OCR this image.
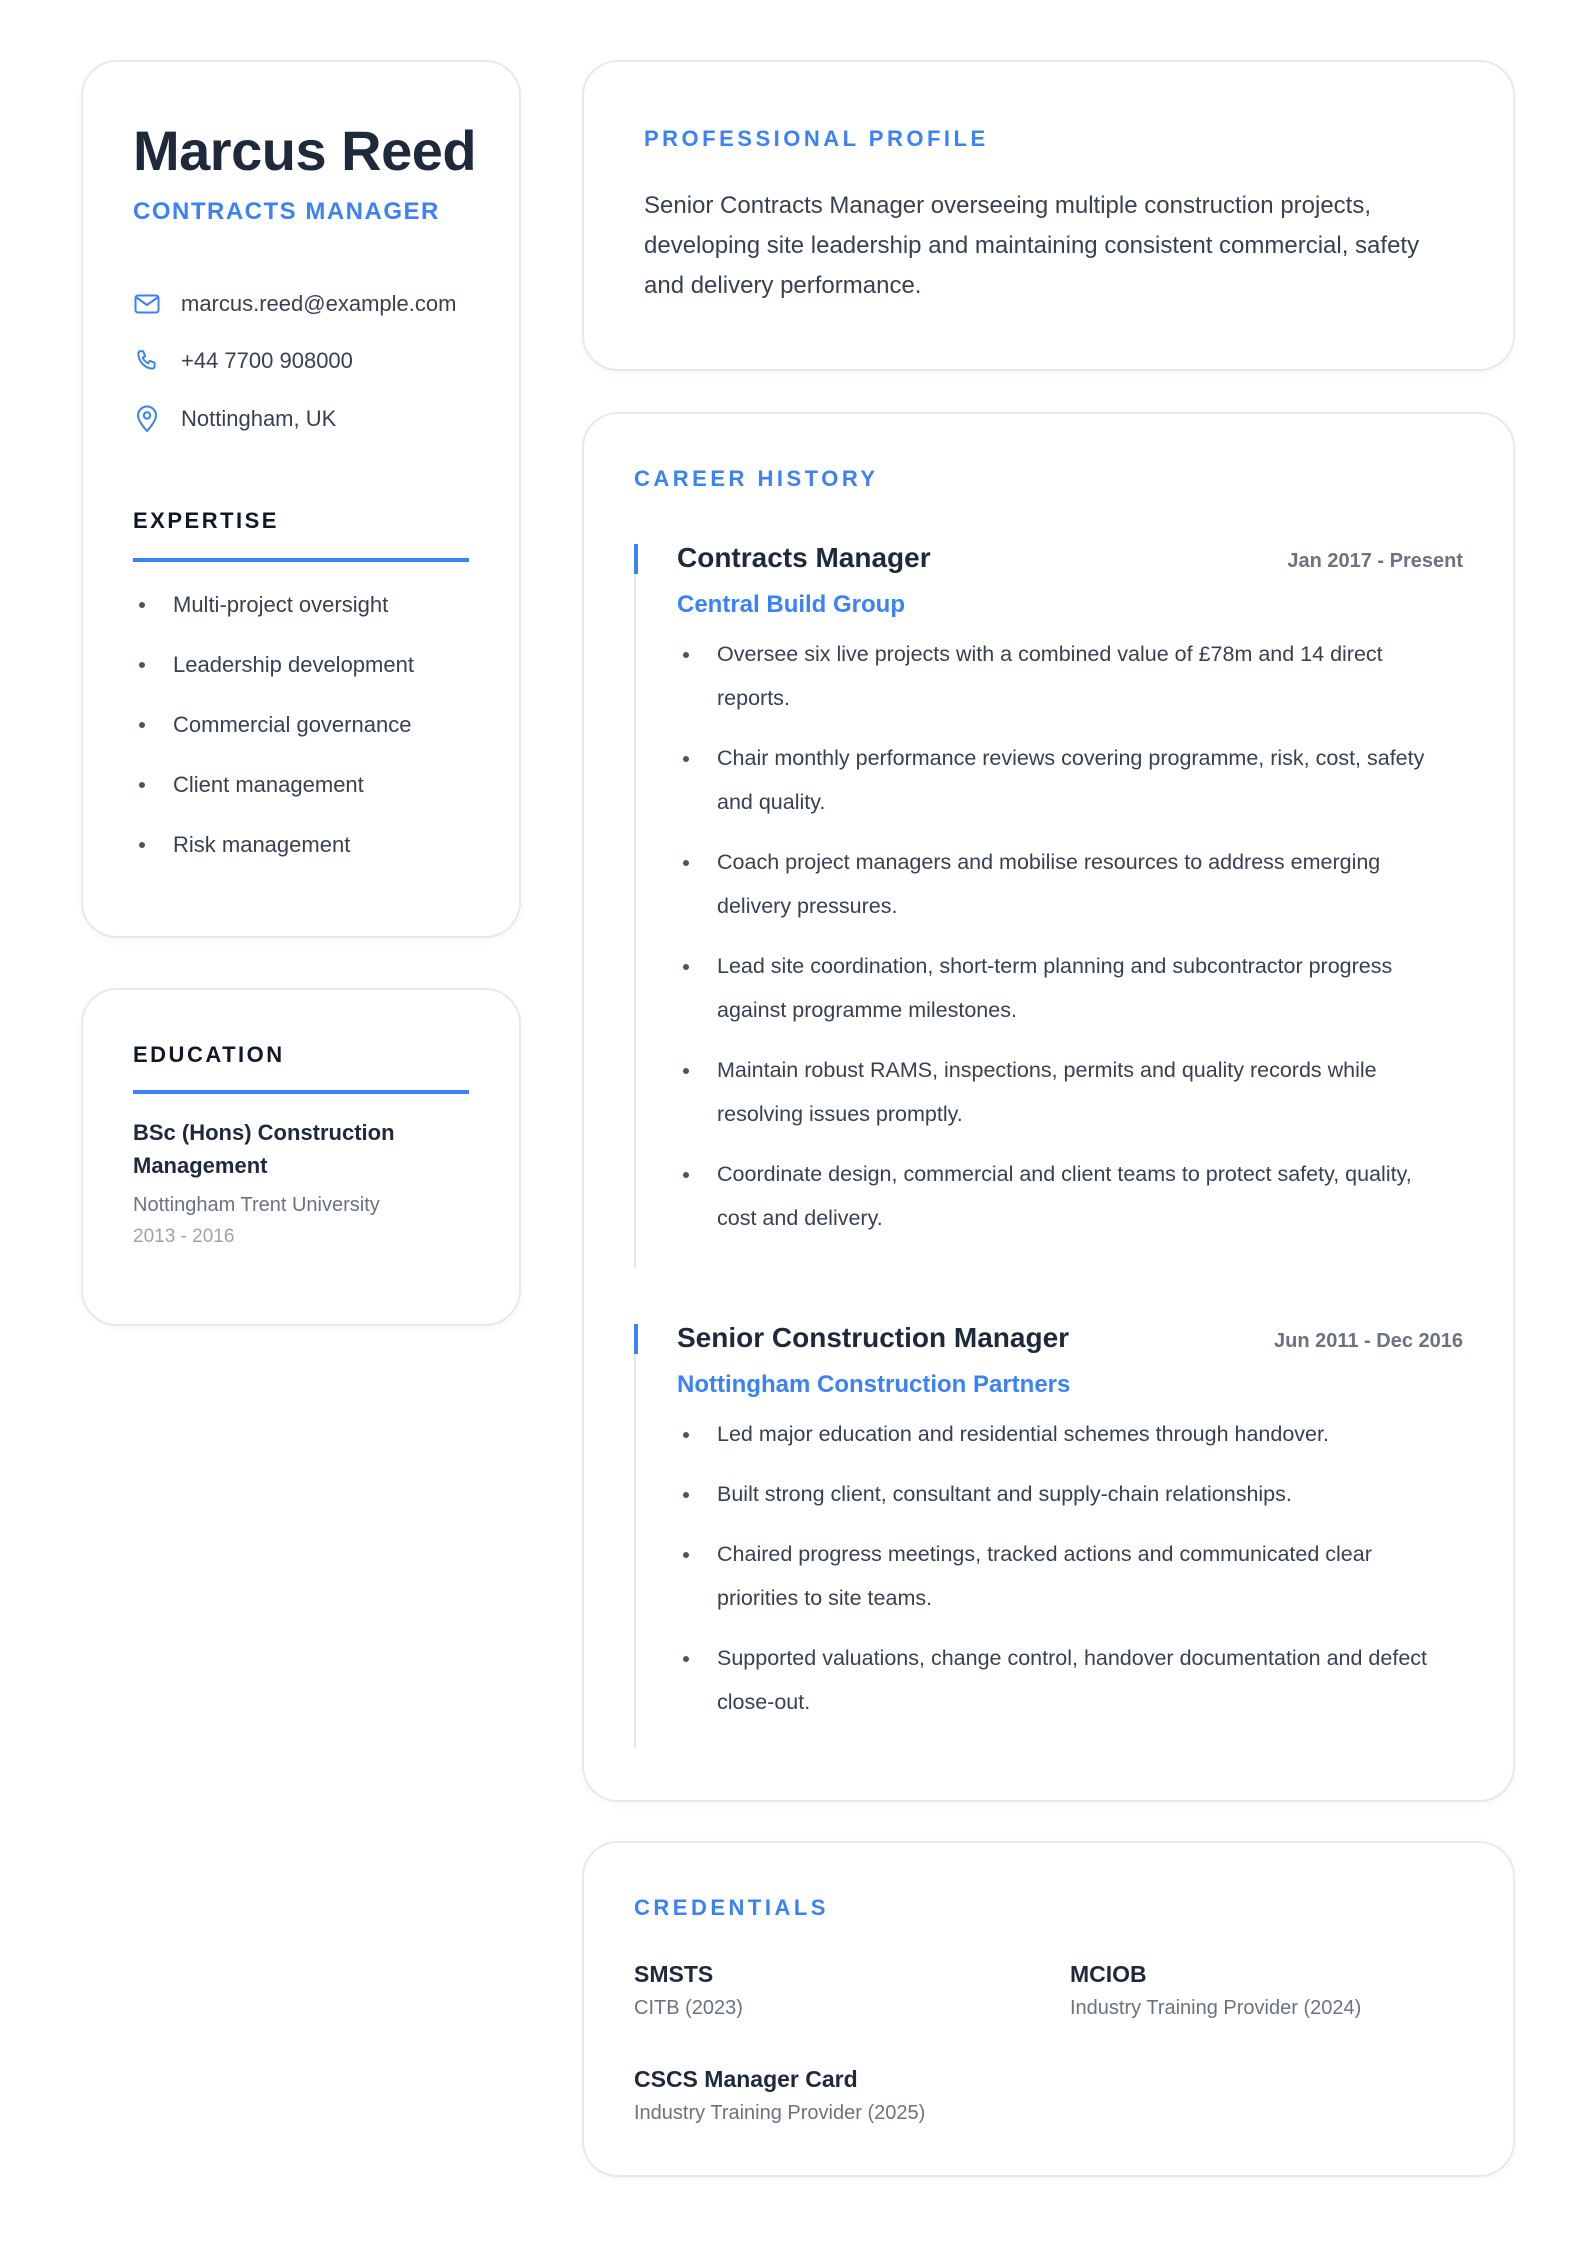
Marcus Reed
CONTRACTS MANAGER
marcus.reed@example.com
+44 7700 908000
Nottingham, UK
EXPERTISE
Multi-project oversight
Leadership development
Commercial governance
Client management
Risk management
EDUCATION
BSc (Hons) Construction Management
Nottingham Trent University
2013 - 2016
PROFESSIONAL PROFILE
Senior Contracts Manager overseeing multiple construction projects, developing site leadership and maintaining consistent commercial, safety and delivery performance.
CAREER HISTORY
Contracts Manager	Jan 2017 - Present
Central Build Group
Oversee six live projects with a combined value of £78m and 14 direct reports.
Chair monthly performance reviews covering programme, risk, cost, safety and quality.
Coach project managers and mobilise resources to address emerging delivery pressures.
Lead site coordination, short-term planning and subcontractor progress against programme milestones.
Maintain robust RAMS, inspections, permits and quality records while resolving issues promptly.
Coordinate design, commercial and client teams to protect safety, quality, cost and delivery.
Senior Construction Manager	Jun 2011 - Dec 2016
Nottingham Construction Partners
Led major education and residential schemes through handover.
Built strong client, consultant and supply-chain relationships.
Chaired progress meetings, tracked actions and communicated clear priorities to site teams.
Supported valuations, change control, handover documentation and defect close-out.
CREDENTIALS
SMSTS
CITB (2023)
MCIOB
Industry Training Provider (2024)
CSCS Manager Card
Industry Training Provider (2025)
